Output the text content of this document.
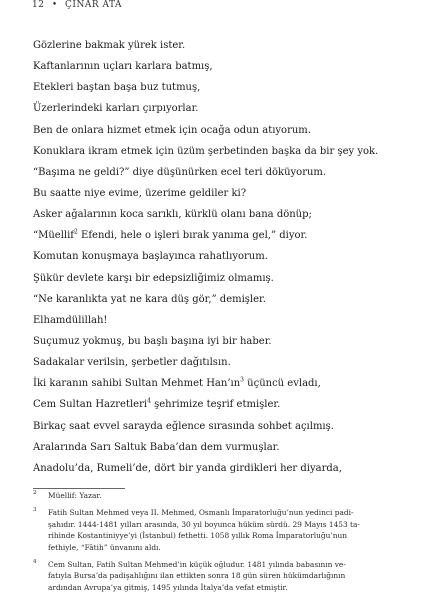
12 • ÇINAR ATA
Gözlerine bakmak yürek ister.
Kaftanlarının uçları karlara batmış,
Etekleri baştan başa buz tutmuş,
Üzerlerindeki karları çırpıyorlar.
Ben de onlara hizmet etmek için ocağa odun atıyorum.
Konuklara ikram etmek için üzüm şerbetinden başka da bir şey yok.
“Başıma ne geldi?” diye düşünürken ecel teri döküyorum.
Bu saatte niye evime, üzerime geldiler ki?
Asker ağalarının koca sarıklı, kürklü olanı bana dönüp;
“Müellif$^2$ Efendi, hele o işleri bırak yanıma gel,” diyor.
Komutan konuşmaya başlayınca rahatlıyorum.
Şükür devlete karşı bir edepsizliğimiz olmamış.
“Ne karanlıkta yat ne kara düş gör,” demişler.
Elhamdülillah!
Suçumuz yokmuş, bu başlı başına iyi bir haber.
Sadakalar verilsin, şerbetler dağıtılsın.
İki karanın sahibi Sultan Mehmet $Han’ın^3$ üçüncü evladı,
Cem Sultan Hazretleri$^4$ şehrimize teşrif etmişler.
Birkaç saat evvel sarayda eğlence sırasında sohbet açılmış.
Aralarında Sarı Saltuk Baba’dan dem vurmuşlar.
Anadolu’da, Rumeli’de, dört bir yanda girdikleri her diyarda,
2 Müellif: Yazar.
3 Fatih Sultan Mehmed veya II. Mehmed, Osmanlı İmparatorluğu’nun yedinci padi-
şahıdır. 1444-1481 yılları arasında, 30 yıl boyunca hüküm sürdü. 29 Mayıs 1453 ta-
rihinde Kostantiniyye’yi (İstanbul) fethetti. 1058 yıllık Roma İmparatorluğu’nun
fethiyle, “Fâtih” ünvanını aldı.
4 Cem Sultan, Fatih Sultan Mehmed’in küçük oğludur. 1481 yılında babasının ve-
fatıyla Bursa’da padişahlığını ilan ettikten sonra 18 gün süren hükümdarlığının
ardından Avrupa’ya gitmiş, 1495 yılında İtalya’da vefat etmiştir.
